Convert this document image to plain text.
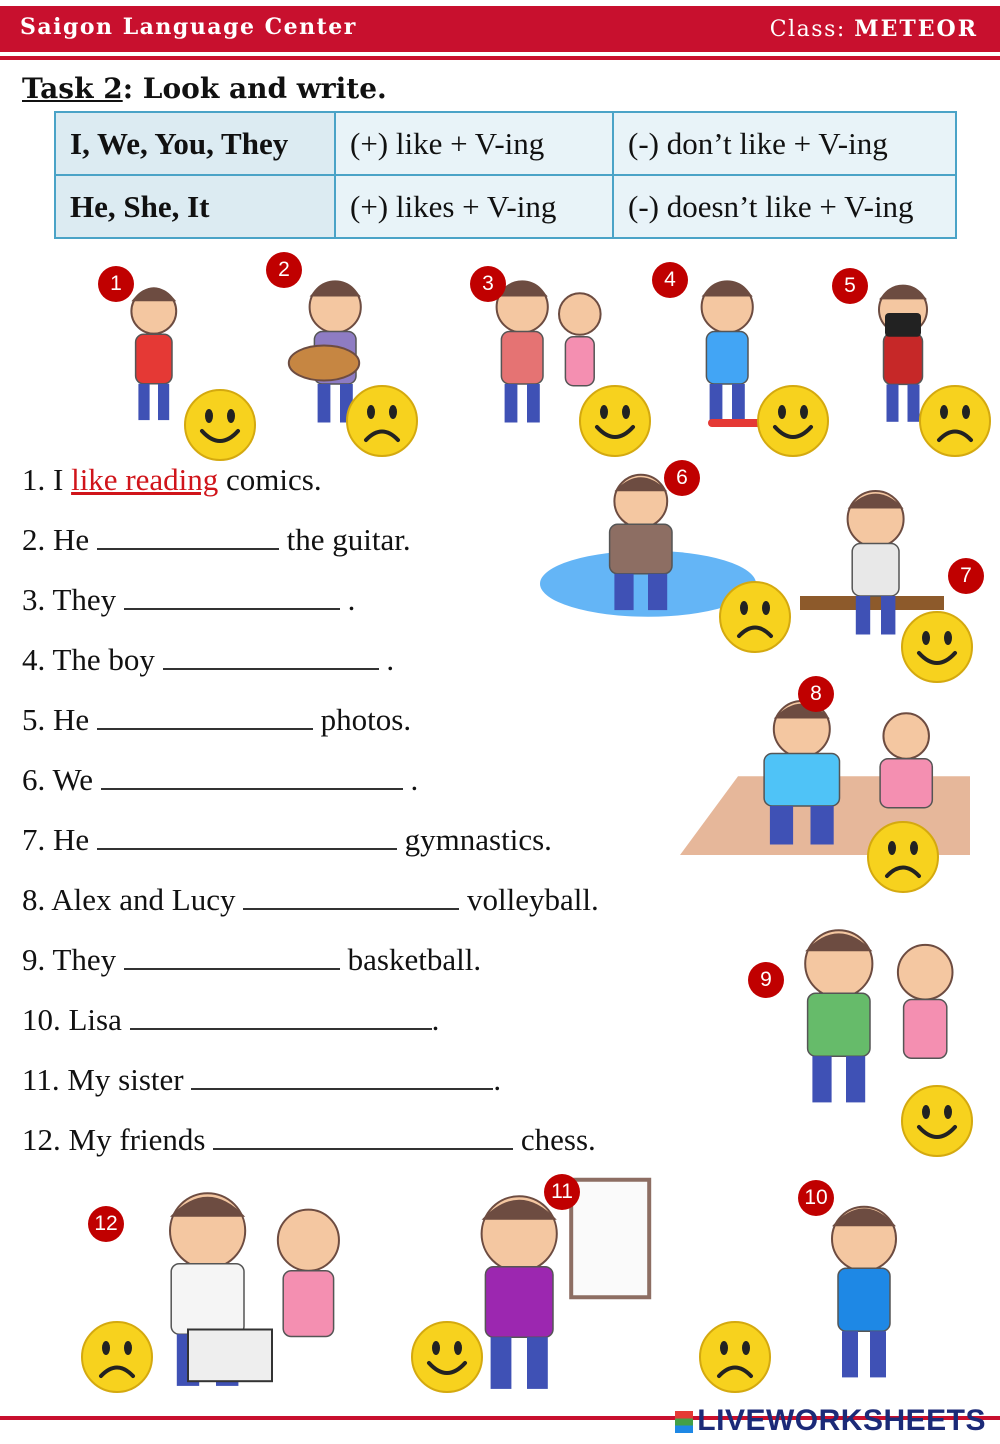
Saigon Language Center	Class: METEOR
Task 2: Look and write.
I, We, You, They	(+) like + V-ing	(-) don’t like + V-ing
He, She, It	(+) likes + V-ing	(-) doesn’t like + V-ing
1
2
3	4	5
6
7
8
9
10
11
12
1. I like reading comics.
2. He	the guitar.
3. They	.
4. The boy	.
5. He	photos.
6. We	.
7. He	gymnastics.
8. Alex and Lucy	volleyball.
9. They	basketball.
10. Lisa	.
11. My sister	.
12. My friends	chess.
LIVEWORKSHEETS
